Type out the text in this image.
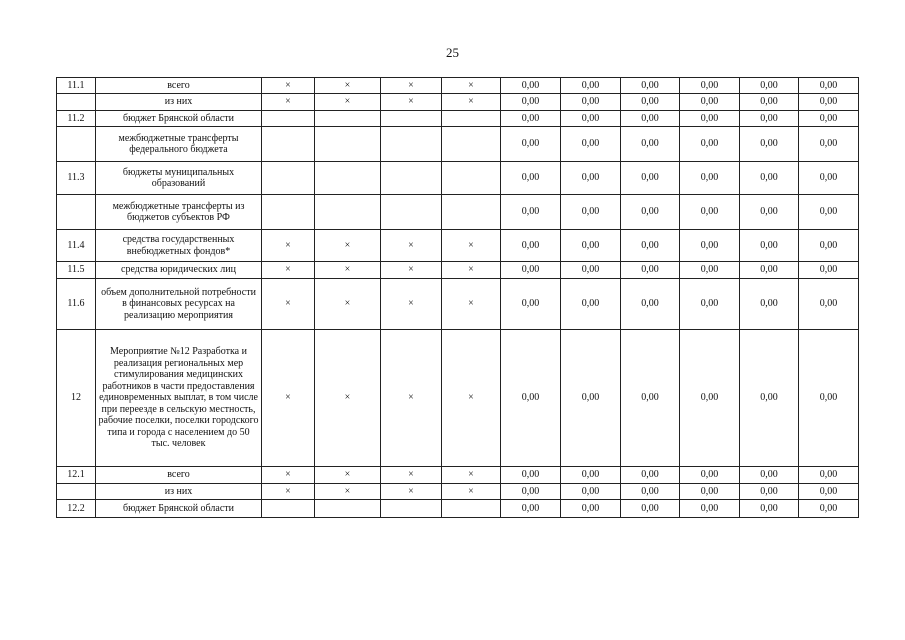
25
11.1	всего	×	×	×	×	0,00	0,00	0,00	0,00	0,00	0,00
	из них	×	×	×	×	0,00	0,00	0,00	0,00	0,00	0,00
11.2	бюджет Брянской области					0,00	0,00	0,00	0,00	0,00	0,00
	межбюджетные трансферты федерального бюджета					0,00	0,00	0,00	0,00	0,00	0,00
11.3	бюджеты муниципальных образований					0,00	0,00	0,00	0,00	0,00	0,00
	межбюджетные трансферты из бюджетов субъектов РФ					0,00	0,00	0,00	0,00	0,00	0,00
11.4	средства государственных внебюджетных фондов*	×	×	×	×	0,00	0,00	0,00	0,00	0,00	0,00
11.5	средства юридических лиц	×	×	×	×	0,00	0,00	0,00	0,00	0,00	0,00
11.6	объем дополнительной потребности в финансовых ресурсах на реализацию мероприятия	×	×	×	×	0,00	0,00	0,00	0,00	0,00	0,00
12	Мероприятие №12 Разработка и реализация региональных мер стимулирования медицинских работников в части предоставления единовременных выплат, в том числе при переезде в сельскую местность, рабочие поселки, поселки городского типа и города с населением до 50 тыс. человек	×	×	×	×	0,00	0,00	0,00	0,00	0,00	0,00
12.1	всего	×	×	×	×	0,00	0,00	0,00	0,00	0,00	0,00
	из них	×	×	×	×	0,00	0,00	0,00	0,00	0,00	0,00
12.2	бюджет Брянской области					0,00	0,00	0,00	0,00	0,00	0,00
